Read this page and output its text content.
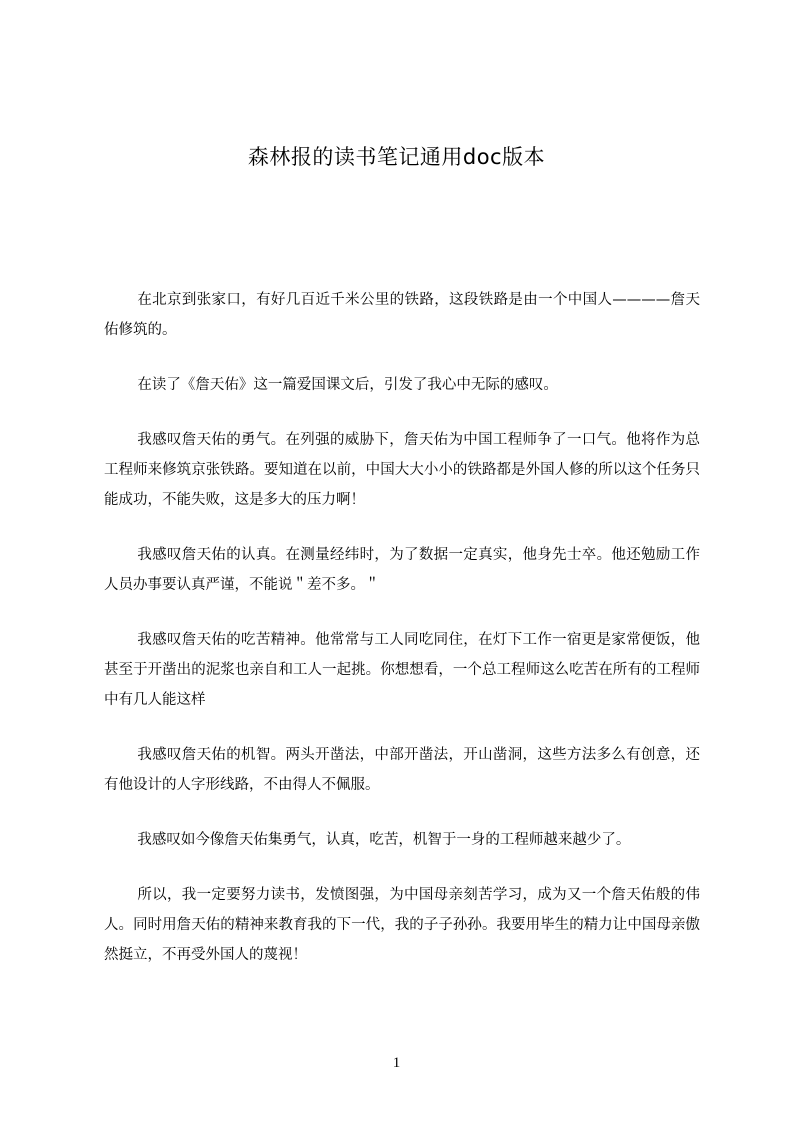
森林报的读书笔记通用doc版本

在北京到张家口，有好几百近千米公里的铁路，这段铁路是由一个中国人————詹天佑修筑的。

在读了《詹天佑》这一篇爱国课文后，引发了我心中无际的感叹。

我感叹詹天佑的勇气。在列强的威胁下，詹天佑为中国工程师争了一口气。他将作为总工程师来修筑京张铁路。要知道在以前，中国大大小小的铁路都是外国人修的所以这个任务只能成功，不能失败，这是多大的压力啊！

我感叹詹天佑的认真。在测量经纬时，为了数据一定真实，他身先士卒。他还勉励工作人员办事要认真严谨，不能说＂差不多。＂

我感叹詹天佑的吃苦精神。他常常与工人同吃同住，在灯下工作一宿更是家常便饭，他甚至于开凿出的泥浆也亲自和工人一起挑。你想想看，一个总工程师这么吃苦在所有的工程师中有几人能这样

我感叹詹天佑的机智。两头开凿法，中部开凿法，开山凿洞，这些方法多么有创意，还有他设计的人字形线路，不由得人不佩服。

我感叹如今像詹天佑集勇气，认真，吃苦，机智于一身的工程师越来越少了。

所以，我一定要努力读书，发愤图强，为中国母亲刻苦学习，成为又一个詹天佑般的伟人。同时用詹天佑的精神来教育我的下一代，我的子子孙孙。我要用毕生的精力让中国母亲傲然挺立，不再受外国人的蔑视！

1
